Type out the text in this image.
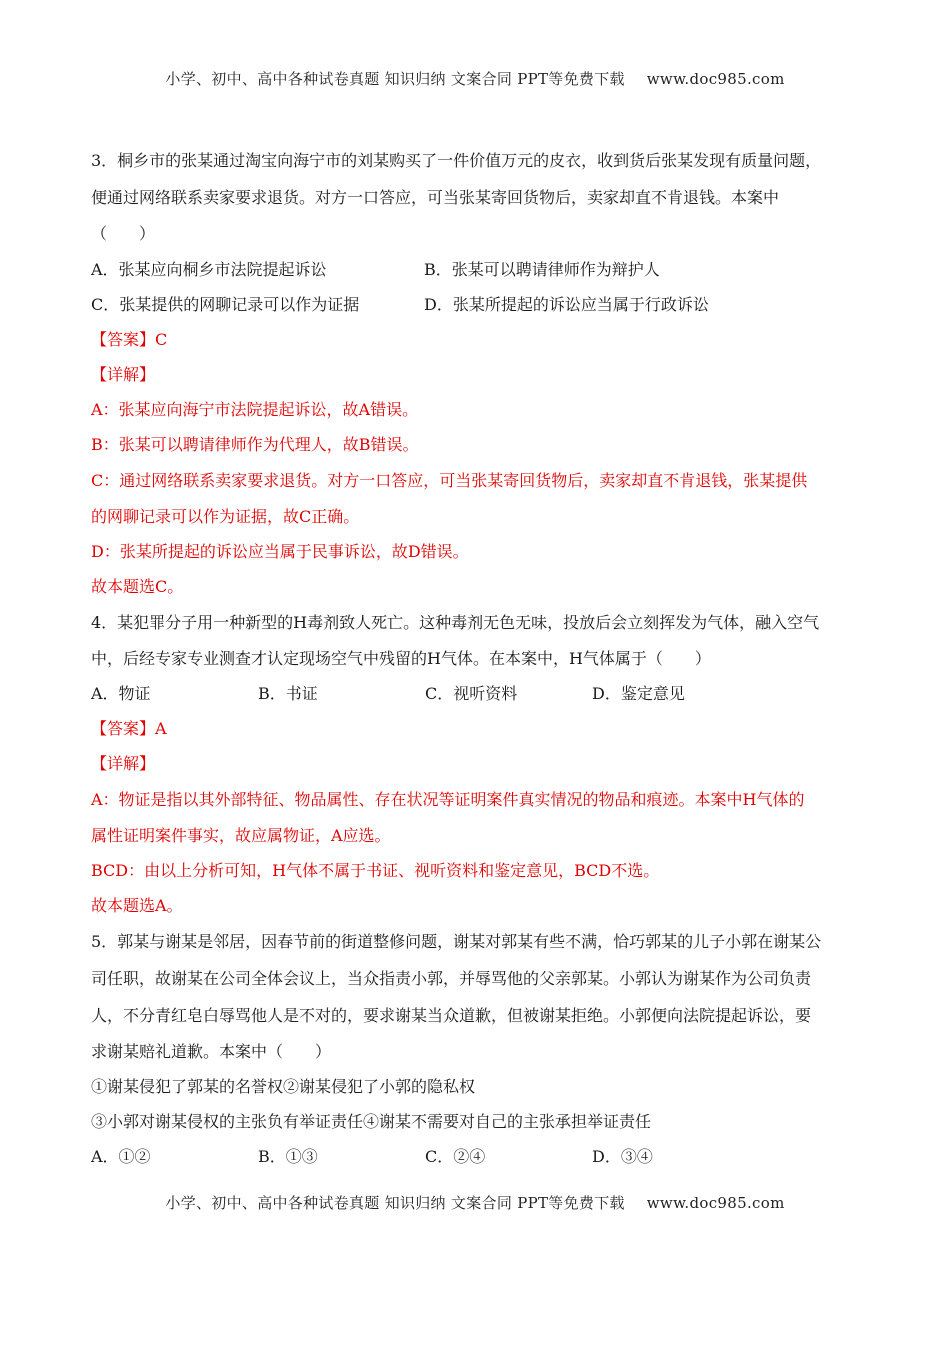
小学、初中、高中各种试卷真题 知识归纳 文案合同 PPT等免费下载 www.doc985.com
3．桐乡市的张某通过淘宝向海宁市的刘某购买了一件价值万元的皮衣，收到货后张某发现有质量问题，
便通过网络联系卖家要求退货。对方一口答应，可当张某寄回货物后，卖家却直不肯退钱。本案中
（　　）
A．张某应向桐乡市法院提起诉讼	B．张某可以聘请律师作为辩护人
C．张某提供的网聊记录可以作为证据	D．张某所提起的诉讼应当属于行政诉讼
【答案】C
【详解】
A：张某应向海宁市法院提起诉讼，故A错误。
B：张某可以聘请律师作为代理人，故B错误。
C：通过网络联系卖家要求退货。对方一口答应，可当张某寄回货物后，卖家却直不肯退钱，张某提供
的网聊记录可以作为证据，故C正确。
D：张某所提起的诉讼应当属于民事诉讼，故D错误。
故本题选C。
4．某犯罪分子用一种新型的H毒剂致人死亡。这种毒剂无色无味，投放后会立刻挥发为气体，融入空气
中，后经专家专业测查才认定现场空气中残留的H气体。在本案中，H气体属于（　　）
A．物证	B．书证	C．视听资料	D．鉴定意见
【答案】A
【详解】
A：物证是指以其外部特征、物品属性、存在状况等证明案件真实情况的物品和痕迹。本案中H气体的
属性证明案件事实，故应属物证，A应选。
BCD：由以上分析可知，H气体不属于书证、视听资料和鉴定意见，BCD不选。
故本题选A。
5．郭某与谢某是邻居，因春节前的街道整修问题，谢某对郭某有些不满，恰巧郭某的儿子小郭在谢某公
司任职，故谢某在公司全体会议上，当众指责小郭，并辱骂他的父亲郭某。小郭认为谢某作为公司负责
人，不分青红皂白辱骂他人是不对的，要求谢某当众道歉，但被谢某拒绝。小郭便向法院提起诉讼，要
求谢某赔礼道歉。本案中（　　）
①谢某侵犯了郭某的名誉权②谢某侵犯了小郭的隐私权
③小郭对谢某侵权的主张负有举证责任④谢某不需要对自己的主张承担举证责任
A．①②	B．①③	C．②④	D．③④
小学、初中、高中各种试卷真题 知识归纳 文案合同 PPT等免费下载 www.doc985.com
